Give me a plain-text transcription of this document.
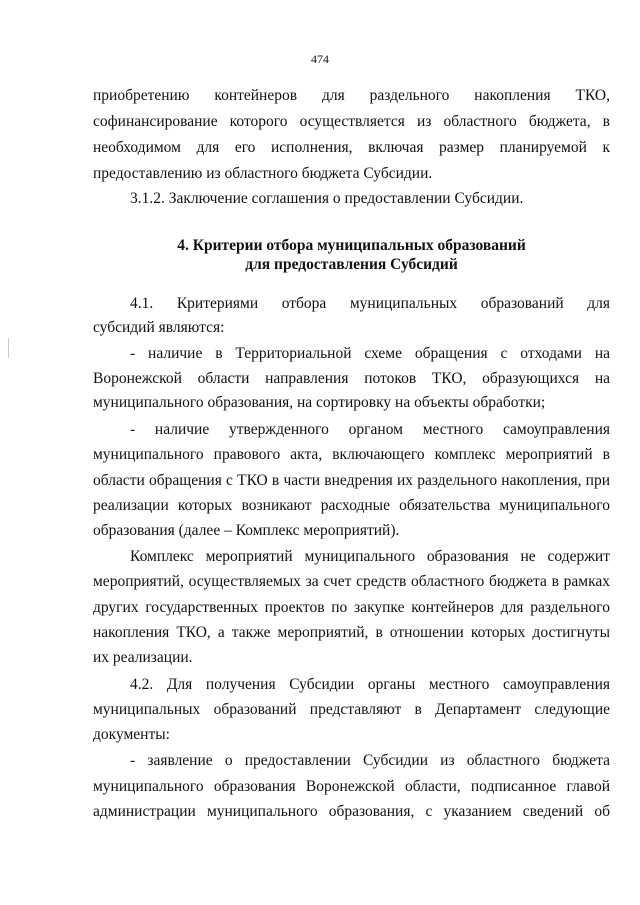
474
приобретению контейнеров для раздельного накопления ТКО,
софинансирование которого осуществляется из областного бюджета, в
необходимом для его исполнения, включая размер планируемой к
предоставлению из областного бюджета Субсидии.
3.1.2. Заключение соглашения о предоставлении Субсидии.
4. Критерии отбора муниципальных образований
для предоставления Субсидий
4.1. Критериями отбора муниципальных образований для
субсидий являются:
- наличие в Территориальной схеме обращения с отходами на
Воронежской области направления потоков ТКО, образующихся на
муниципального образования, на сортировку на объекты обработки;
- наличие утвержденного органом местного самоуправления
муниципального правового акта, включающего комплекс мероприятий в
области обращения с ТКО в части внедрения их раздельного накопления, при
реализации которых возникают расходные обязательства муниципального
образования (далее – Комплекс мероприятий).
Комплекс мероприятий муниципального образования не содержит
мероприятий, осуществляемых за счет средств областного бюджета в рамках
других государственных проектов по закупке контейнеров для раздельного
накопления ТКО, а также мероприятий, в отношении которых достигнуты
их реализации.
4.2. Для получения Субсидии органы местного самоуправления
муниципальных образований представляют в Департамент следующие
документы:
- заявление о предоставлении Субсидии из областного бюджета
муниципального образования Воронежской области, подписанное главой
администрации муниципального образования, с указанием сведений об
